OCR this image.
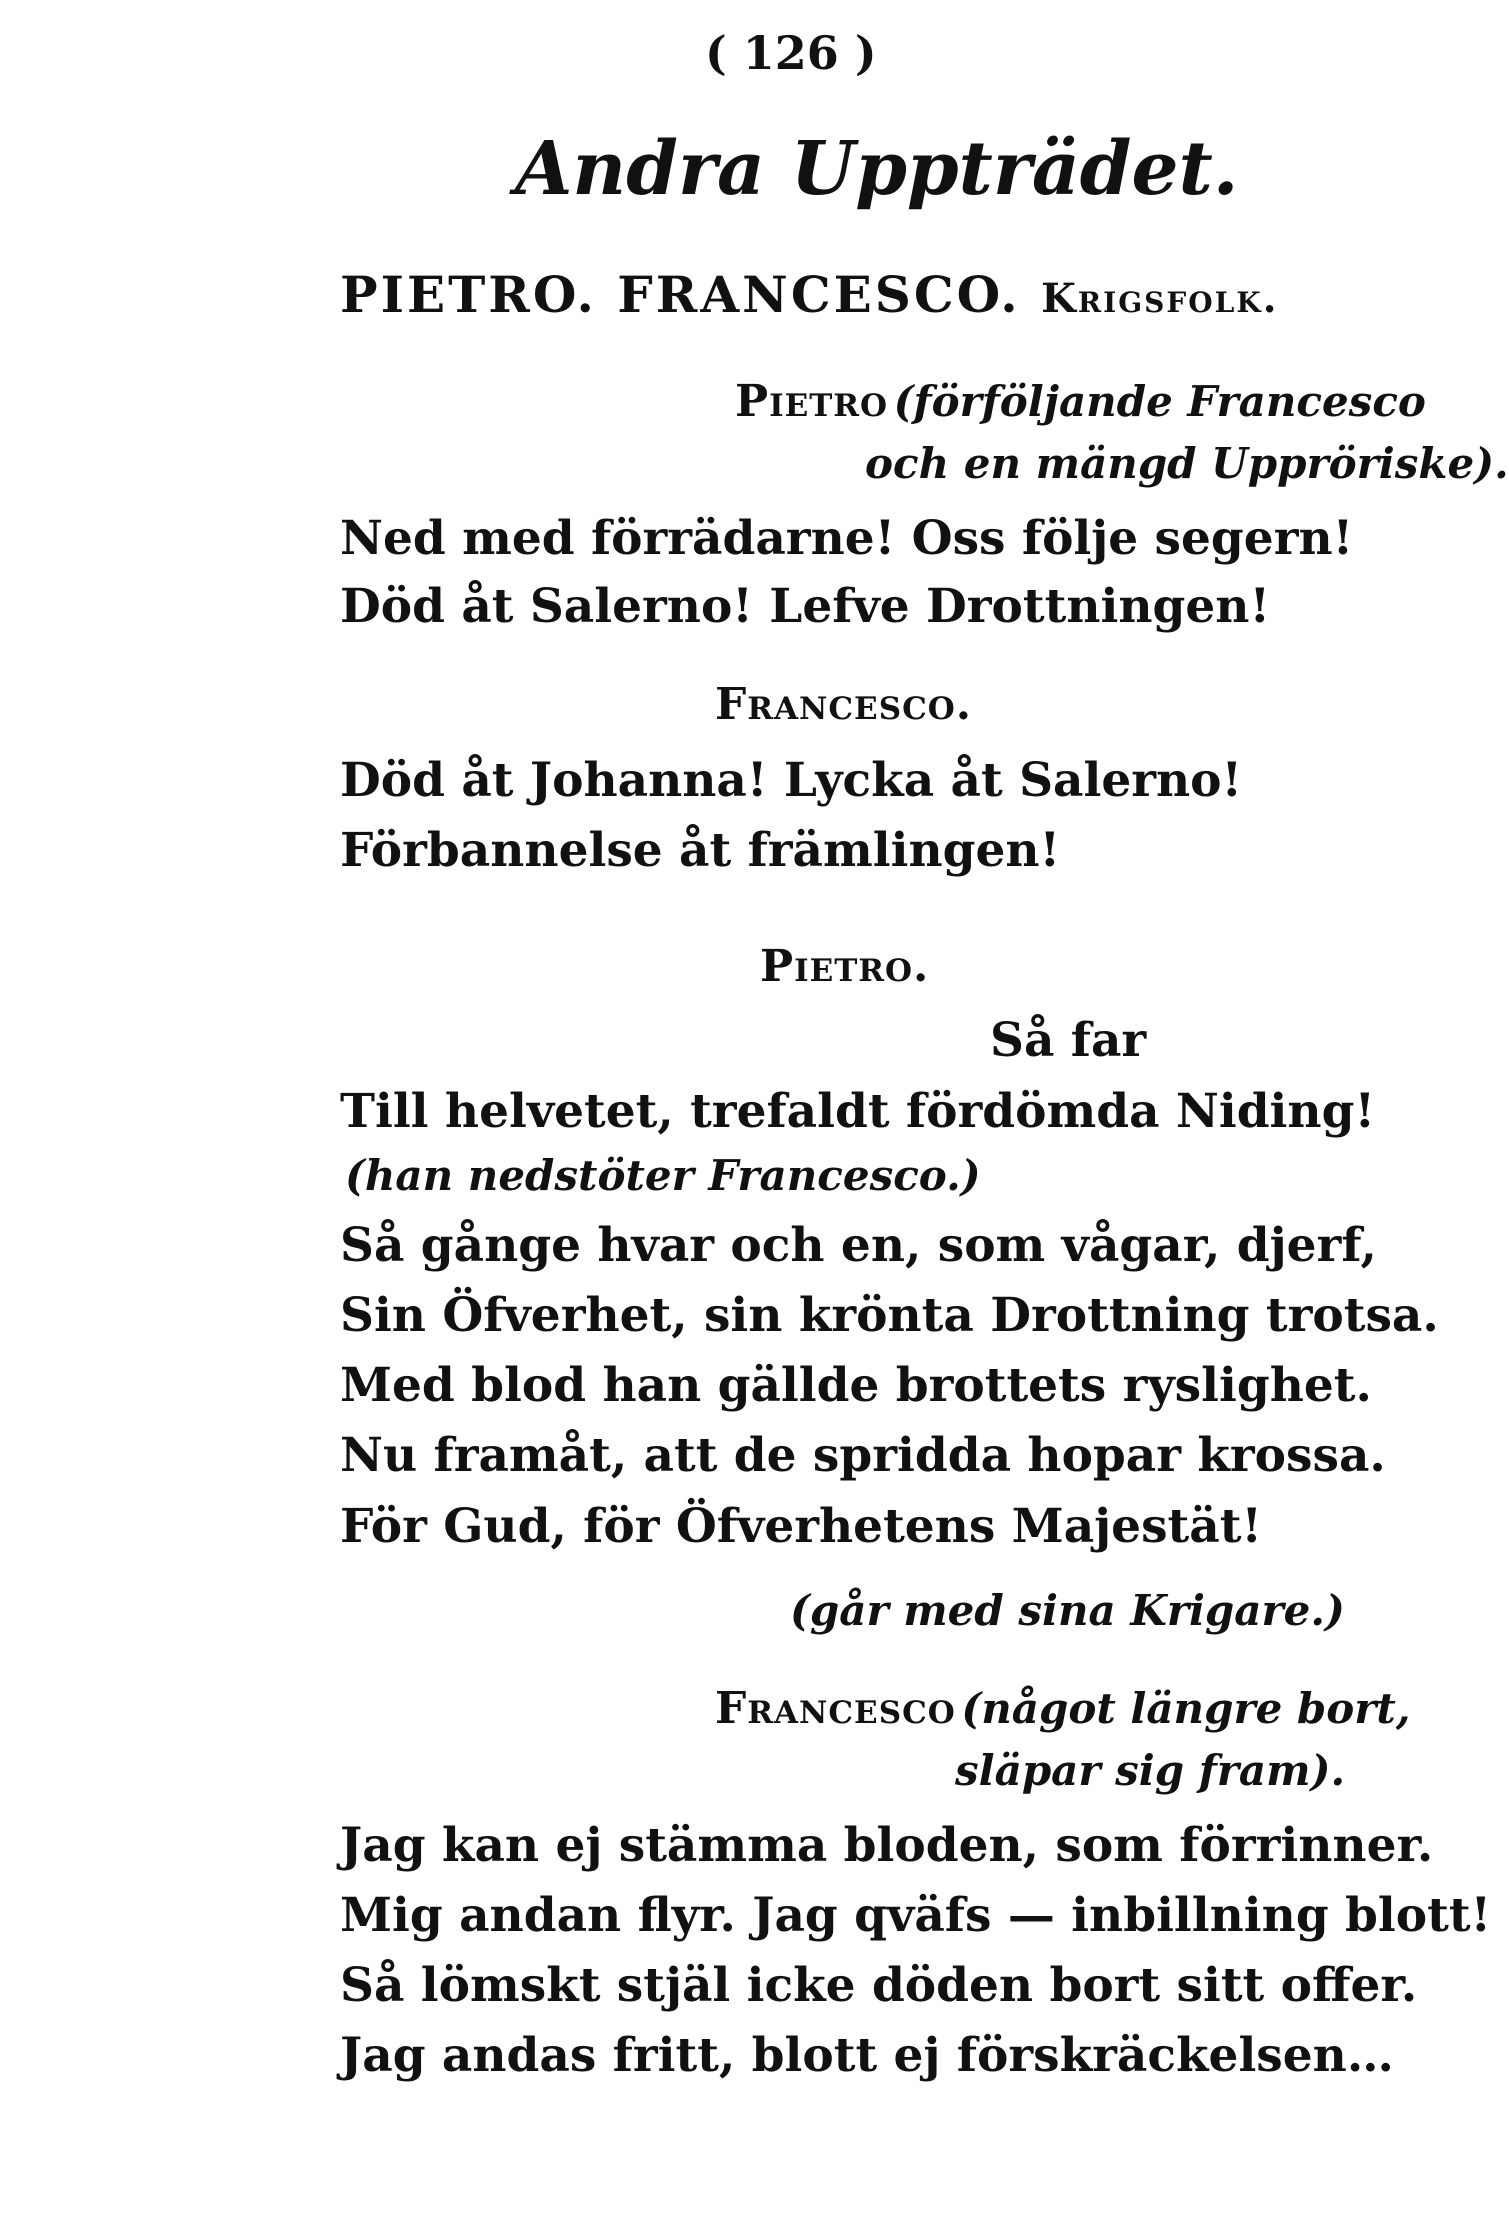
( 126 )
Andra Uppträdet.
PIETRO. FRANCESCO. Krigsfolk.
Pietro (förföljande Francesco
och en mängd Uppröriske).
Ned med förrädarne! Oss följe segern!
Död åt Salerno! Lefve Drottningen!
Francesco.
Död åt Johanna! Lycka åt Salerno!
Förbannelse åt främlingen!
Pietro.
Så far
Till helvetet, trefaldt fördömda Niding!
(han nedstöter Francesco.)
Så gånge hvar och en, som vågar, djerf,
Sin Öfverhet, sin krönta Drottning trotsa.
Med blod han gällde brottets ryslighet.
Nu framåt, att de spridda hopar krossa.
För Gud, för Öfverhetens Majestät!
(går med sina Krigare.)
Francesco (något längre bort,
släpar sig fram).
Jag kan ej stämma bloden, som förrinner.
Mig andan flyr. Jag qväfs — inbillning blott!
Så lömskt stjäl icke döden bort sitt offer.
Jag andas fritt, blott ej förskräckelsen…
